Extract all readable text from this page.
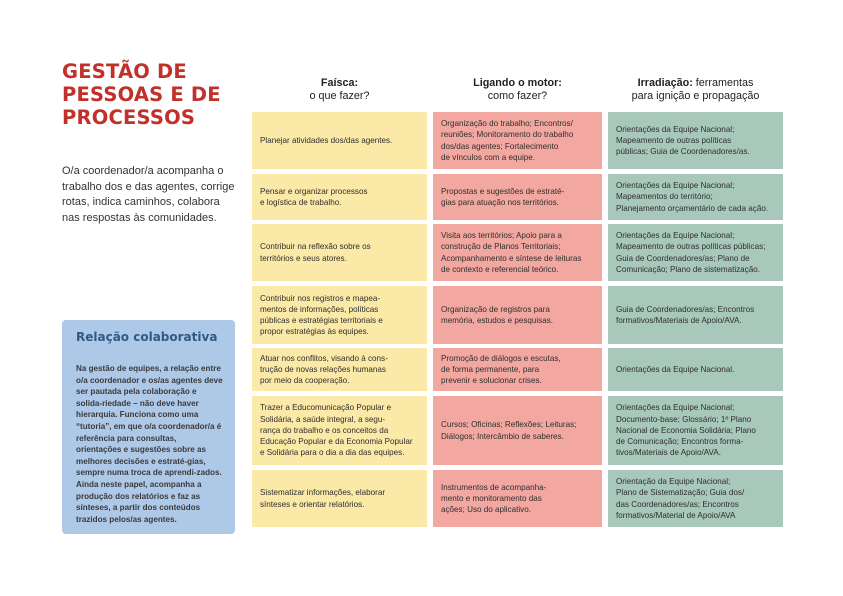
GESTÃO DE
PESSOAS E DE
PROCESSOS

O/a coordenador/a acompanha o trabalho dos e das agentes, corrige rotas, indica caminhos, colabora nas respostas às comunidades.

Relação colaborativa

Na gestão de equipes, a relação entre o/a coordenador e os/as agentes deve ser pautada pela colaboração e solida-riedade – não deve haver hierarquia. Funciona como uma “tutoria”, em que o/a coordenador/a é referência para consultas, orientações e sugestões sobre as melhores decisões e estraté-gias, sempre numa troca de aprendi-zados. Ainda neste papel, acompanha a produção dos relatórios e faz as sínteses, a partir dos conteúdos trazidos pelos/as agentes.

Faísca:
o que fazer?
Ligando o motor:
como fazer?
Irradiação: ferramentas
para ignição e propagação
Planejar atividades dos/das agentes.
Organização do trabalho; Encontros/
reuniões; Monitoramento do trabalho
dos/das agentes; Fortalecimento
de vínculos com a equipe.
Orientações da Equipe Nacional;
Mapeamento de outras políticas
públicas; Guia de Coordenadores/as.
Pensar e organizar processos
e logística de trabalho.
Propostas e sugestões de estraté-
gias para atuação nos territórios.
Orientações da Equipe Nacional;
Mapeamentos do território;
Planejamento orçamentário de cada ação.
Contribuir na reflexão sobre os
territórios e seus atores.
Visita aos territórios; Apoio para a
construção de Planos Territoriais;
Acompanhamento e síntese de leituras
de contexto e referencial teórico.
Orientações da Equipe Nacional;
Mapeamento de outras políticas públicas;
Guia de Coordenadores/as; Plano de
Comunicação; Plano de sistematização.
Contribuir nos registros e mapea-
mentos de informações, políticas
públicas e estratégias territoriais e
propor estratégias às equipes.
Organização de registros para
memória, estudos e pesquisas.
Guia de Coordenadores/as; Encontros
formativos/Materiais de Apoio/AVA.
Atuar nos conflitos, visando à cons-
trução de novas relações humanas
por meio da cooperação.
Promoção de diálogos e escutas,
de forma permanente, para
prevenir e solucionar crises.
Orientações da Equipe Nacional.
Trazer a Educomunicação Popular e
Solidária, a saúde integral, a segu-
rança do trabalho e os conceitos da
Educação Popular e da Economia Popular
e Solidária para o dia a dia das equipes.
Cursos; Oficinas; Reflexões; Leituras;
Diálogos; Intercâmbio de saberes.
Orientações da Equipe Nacional;
Documento-base; Glossário; 1º Plano
Nacional de Economia Solidária; Plano
de Comunicação; Encontros forma-
tivos/Materiais de Apoio/AVA.
Sistematizar informações, elaborar
sínteses e orientar relatórios.
Instrumentos de acompanha-
mento e monitoramento das
ações; Uso do aplicativo.
Orientação da Equipe Nacional;
Plano de Sistematização; Guia dos/
das Coordenadores/as; Encontros
formativos/Material de Apoio/AVA
